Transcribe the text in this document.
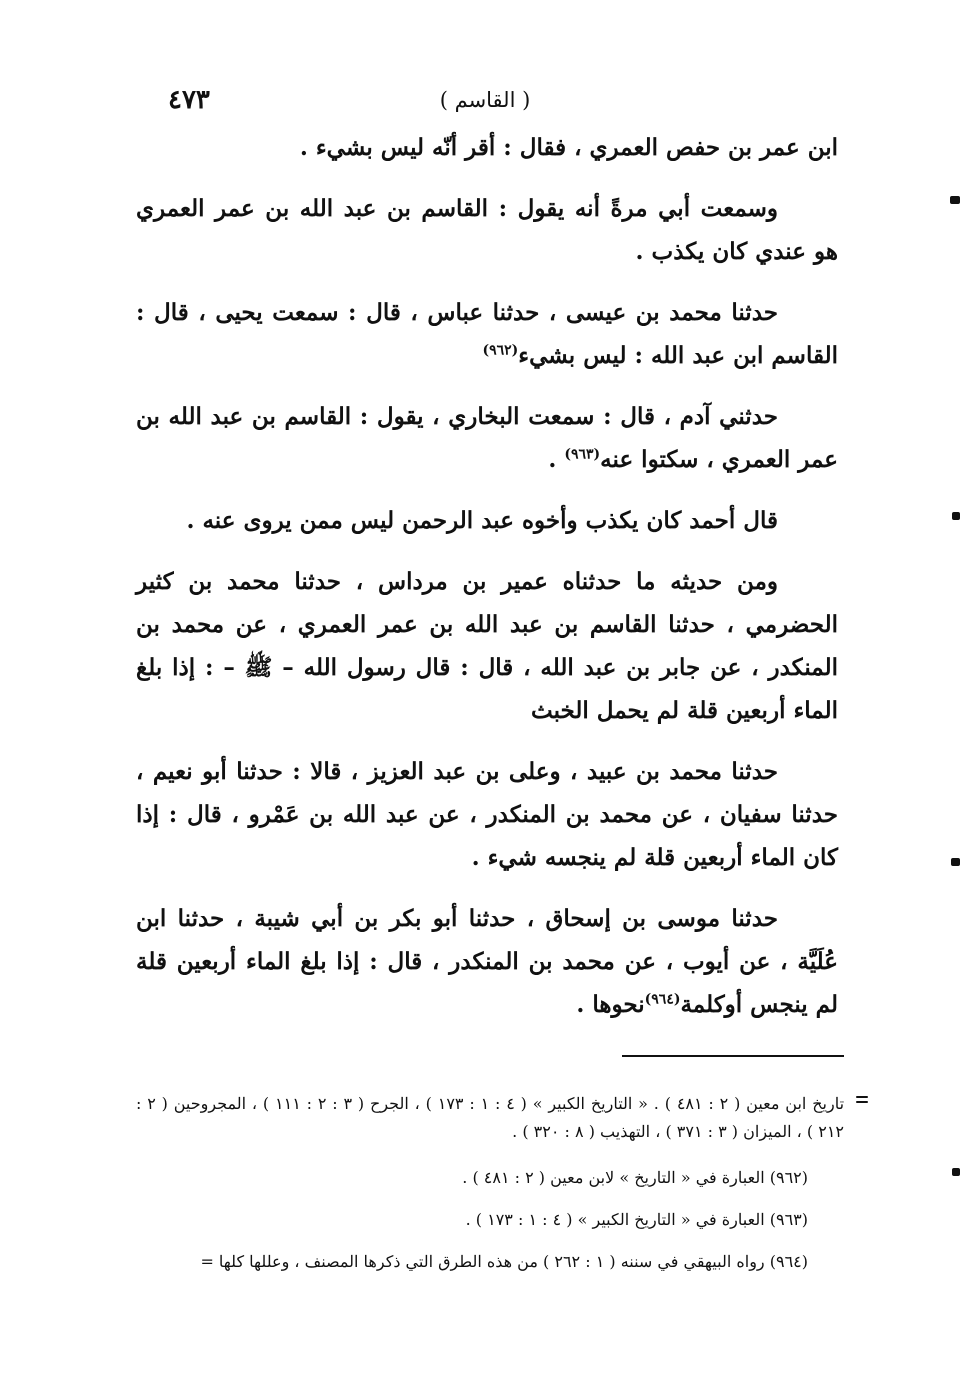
( القاسم )
٤٧٣

ابن عمر بن حفص العمري ، فقال : أقر أنّه ليس بشيء .

وسمعت أبي مرةً أنه يقول : القاسم بن عبد الله بن عمر العمري هو عندي كان يكذب .

حدثنا محمد بن عيسى ، حدثنا عباس ، قال : سمعت يحيى ، قال : القاسم ابن عبد الله : ليس بشيء$^{(٩٦٢)}$

حدثني آدم ، قال : سمعت البخاري ، يقول : القاسم بن عبد الله بن عمر العمري ، سكتوا عنه$^{(٩٦٣)}$ .

قال أحمد كان يكذب وأخوه عبد الرحمن ليس ممن يروى عنه .

ومن حديثه ما حدثناه عمير بن مرداس ، حدثنا محمد بن كثير الحضرمي ، حدثنا القاسم بن عبد الله بن عمر العمري ، عن محمد بن المنكدر ، عن جابر بن عبد الله ، قال : قال رسول الله – ﷺ – : إذا بلغ الماء أربعين قلة لم يحمل الخبث

حدثنا محمد بن عبيد ، وعلى بن عبد العزيز ، قالا : حدثنا أبو نعيم ، حدثنا سفيان ، عن محمد بن المنكدر ، عن عبد الله بن عَمْرو ، قال : إذا كان الماء أربعين قلة لم ينجسه شيء .

حدثنا موسى بن إسحاق ، حدثنا أبو بكر بن أبي شيبة ، حدثنا ابن عُلَيَّة ، عن أيوب ، عن محمد بن المنكدر ، قال : إذا بلغ الماء أربعين قلة لم ينجس أوكلمة$^{(٩٦٤)}$نحوها .

تاريخ ابن معين ( ٢ : ٤٨١ ) . « التاريخ الكبير » ( ٤ : ١ : ١٧٣ ) ، الجرح ( ٣ : ٢ : ١١١ ) ، المجروحين ( ٢ : ٢١٢ ) ، الميزان ( ٣ : ٣٧١ ) ، التهذيب ( ٨ : ٣٢٠ ) .

(٩٦٢) العبارة في « التاريخ » لابن معين ( ٢ : ٤٨١ ) .

(٩٦٣) العبارة في « التاريخ الكبير » ( ٤ : ١ : ١٧٣ ) .

(٩٦٤) رواه البيهقي في سننه ( ١ : ٢٦٢ ) من هذه الطرق التي ذكرها المصنف ، وعللها كلها =
